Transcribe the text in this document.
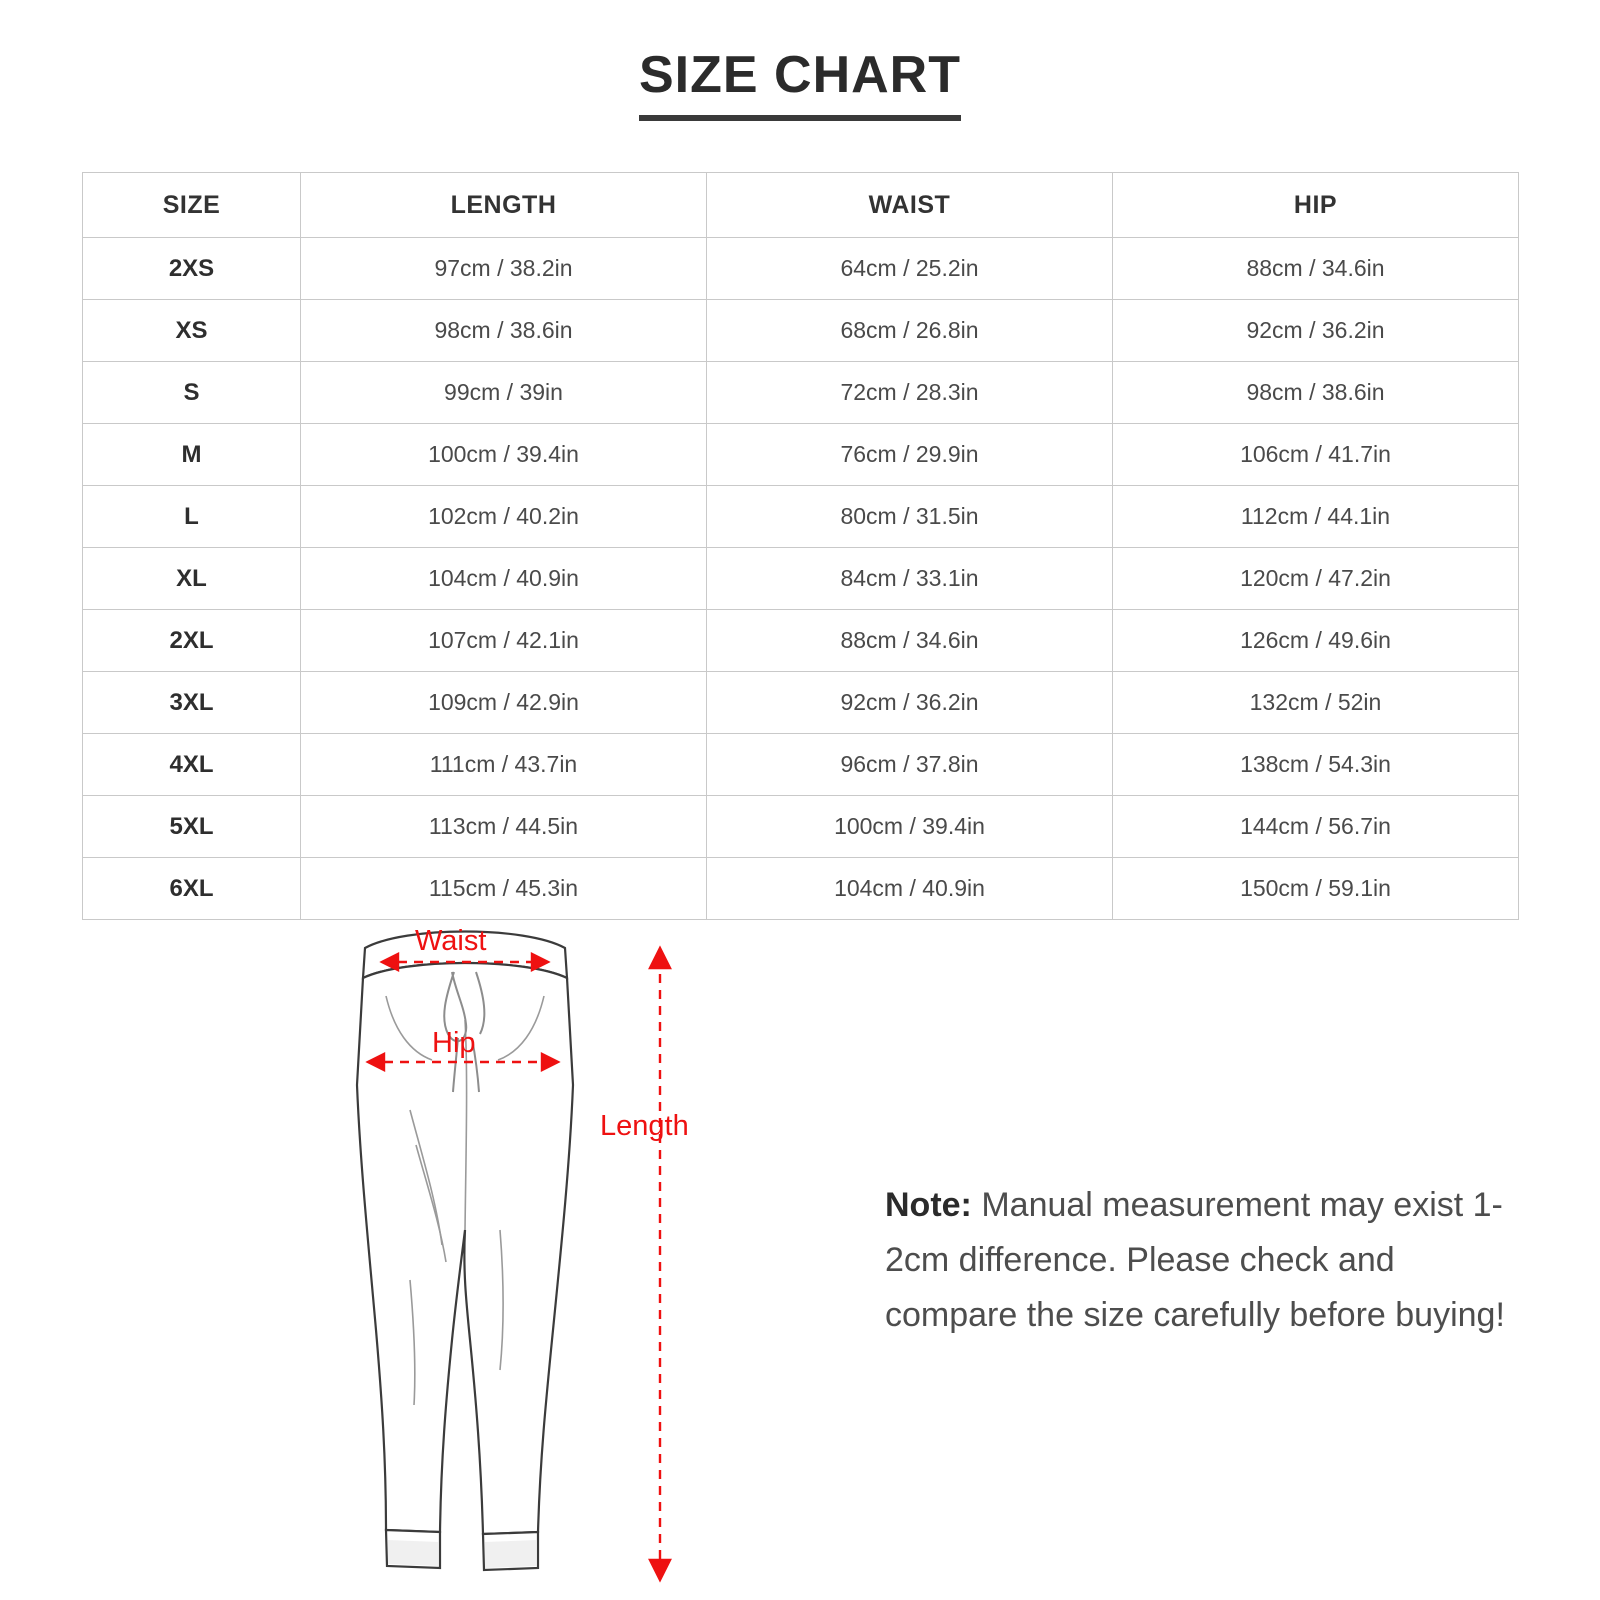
SIZE CHART
SIZE	LENGTH	WAIST	HIP
2XS	97cm / 38.2in	64cm / 25.2in	88cm / 34.6in
XS	98cm / 38.6in	68cm / 26.8in	92cm / 36.2in
S	99cm / 39in	72cm / 28.3in	98cm / 38.6in
M	100cm / 39.4in	76cm / 29.9in	106cm / 41.7in
L	102cm / 40.2in	80cm / 31.5in	112cm / 44.1in
XL	104cm / 40.9in	84cm / 33.1in	120cm / 47.2in
2XL	107cm / 42.1in	88cm / 34.6in	126cm / 49.6in
3XL	109cm / 42.9in	92cm / 36.2in	132cm / 52in
4XL	111cm / 43.7in	96cm / 37.8in	138cm / 54.3in
5XL	113cm / 44.5in	100cm / 39.4in	144cm / 56.7in
6XL	115cm / 45.3in	104cm / 40.9in	150cm / 59.1in
Waist
Hip
Length
Note: Manual measurement may exist 1-2cm difference. Please check and compare the size carefully before buying!
